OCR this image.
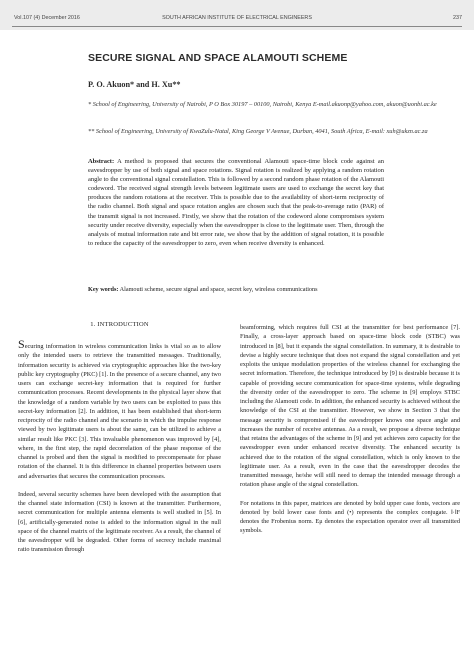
Vol.107 (4) December 2016	SOUTH AFRICAN INSTITUTE OF ELECTRICAL ENGINEERS	237
SECURE SIGNAL AND SPACE ALAMOUTI SCHEME
P. O. Akuon* and H. Xu**
* School of Engineering, University of Nairobi, P O Box 30197 – 00100, Nairobi, Kenya E-mail.akuonp@yahoo.com, akuon@uonbi.ac.ke
** School of Engineering, University of KwaZulu-Natal, King George V Avenue, Durban, 4041, South Africa, E-mail: xuh@ukzn.ac.za
Abstract: A method is proposed that secures the conventional Alamouti space-time block code against an eavesdropper by use of both signal and space rotations. Signal rotation is realized by applying a random rotation angle to the conventional signal constellation. This is followed by a second random phase rotation of the Alamouti codeword. The received signal strength levels between legitimate users are used to exchange the secret key that produces the random rotations at the receiver. This is possible due to the availability of short-term reciprocity of the radio channel. Both signal and space rotation angles are chosen such that the peak-to-average ratio (PAR) of the transmit signal is not increased. Firstly, we show that the rotation of the codeword alone compromises system security under receive diversity, especially when the eavesdropper is close to the legitimate user. Then, through the analysis of mutual information rate and bit error rate, we show that by the addition of signal rotation, it is possible to reduce the capacity of the eavesdropper to zero, even when receive diversity is enhanced.
Key words: Alamouti scheme, secure signal and space, secret key, wireless communications
1. INTRODUCTION

Securing information in wireless communication links is vital so as to allow only the intended users to retrieve the transmitted messages. Traditionally, information security is achieved via cryptographic approaches like the two-key public key cryptography (PKC) [1]. In the presence of a secure channel, any two users can exchange secret-key information that is required for further communication processes. Recent developments in the physical layer show that the knowledge of a random variable by two users can be exploited to pass this secret-key information [2]. In addition, it has been established that short-term reciprocity of the radio channel and the scenario in which the impulse response viewed by two legitimate users is about the same, can be utilized to achieve a similar result like PKC [3]. This invaluable phenomenon was improved by [4], where, in the first step, the rapid decorrelation of the phase response of the channel is probed and then the signal is modified to precompensate for phase rotation of the channel. It is this difference in channel properties between users and adversaries that secures the communication processes.

Indeed, several security schemes have been developed with the assumption that the channel state information (CSI) is known at the transmitter. Furthermore, secret communication for multiple antenna elements is well studied in [5]. In [6], artificially-generated noise is added to the information signal in the null space of the channel matrix of the legitimate receiver. As a result, the channel of the eavesdropper will be degraded. Other forms of secrecy include maximal ratio transmission through

beamforming, which requires full CSI at the transmitter for best performance [7]. Finally, a cross-layer approach based on space-time block code (STBC) was introduced in [8], but it expands the signal constellation. In summary, it is desirable to devise a highly secure technique that does not expand the signal constellation and yet exploits the unique modulation properties of the wireless channel for exchanging the secret information. Therefore, the technique introduced by [9] is desirable because it is capable of providing secure communication for space-time systems, while degrading the diversity order of the eavesdropper to zero. The scheme in [9] employs STBC including the Alamouti code. In addition, the enhanced security is achieved without the knowledge of the CSI at the transmitter. However, we show in Section 3 that the message security is compromised if the eavesdropper knows one space angle and increases the number of receive antennas. As a result, we propose a diverse technique that retains the advantages of the scheme in [9] and yet achieves zero capacity for the eavesdropper even under enhanced receive diversity. The enhanced security is achieved due to the rotation of the signal constellation, which is only known to the legitimate user. As a result, even in the case that the eavesdropper decodes the transmitted message, he/she will still need to demap the intended message through a rotation phase angle of the signal constellation.

For notations in this paper, matrices are denoted by bold upper case fonts, vectors are denoted by bold lower case fonts and (•) represents the complex conjugate. ‖·‖F denotes the Frobenius norm. Eμ denotes the expectation operator over all transmitted symbols.
